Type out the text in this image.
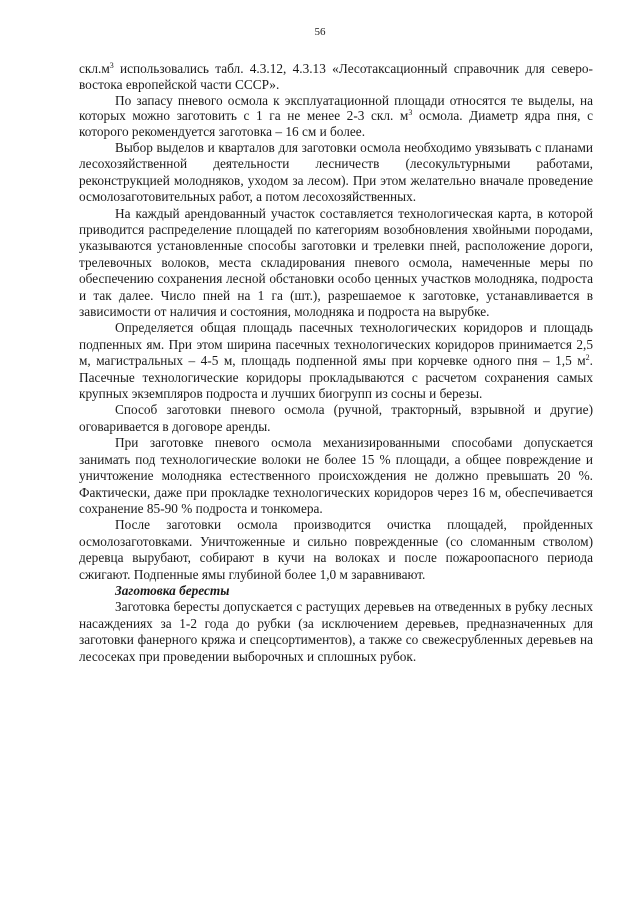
56

$скл.м^3$ использовались табл. 4.3.12, 4.3.13 «Лесотаксационный справочник для северо-востока европейской части СССР».

По запасу пневого осмола к эксплуатационной площади относятся те выделы, на которых можно заготовить с 1 га не менее 2-3 скл. $м^3$ осмола. Диаметр ядра пня, с которого рекомендуется заготовка – 16 см и более.

Выбор выделов и кварталов для заготовки осмола необходимо увязывать с планами лесохозяйственной деятельности лесничеств (лесокультурными работами, реконструкцией молодняков, уходом за лесом). При этом желательно вначале проведение осмолозаготовительных работ, а потом лесохозяйственных.

На каждый арендованный участок составляется технологическая карта, в которой приводится распределение площадей по категориям возобновления хвойными породами, указываются установленные способы заготовки и трелевки пней, расположение дороги, трелевочных волоков, места складирования пневого осмола, намеченные меры по обеспечению сохранения лесной обстановки особо ценных участков молодняка, подроста и так далее. Число пней на 1 га (шт.), разрешаемое к заготовке, устанавливается в зависимости от наличия и состояния, молодняка и подроста на вырубке.

Определяется общая площадь пасечных технологических коридоров и площадь подпенных ям. При этом ширина пасечных технологических коридоров принимается 2,5 м, магистральных – 4-5 м, площадь подпенной ямы при корчевке одного пня – 1,5 $м^2$. Пасечные технологические коридоры прокладываются с расчетом сохранения самых крупных экземпляров подроста и лучших биогрупп из сосны и березы.

Способ заготовки пневого осмола (ручной, тракторный, взрывной и другие) оговаривается в договоре аренды.

При заготовке пневого осмола механизированными способами допускается занимать под технологические волоки не более 15 % площади, а общее повреждение и уничтожение молодняка естественного происхождения не должно превышать 20 %. Фактически, даже при прокладке технологических коридоров через 16 м, обеспечивается сохранение 85-90 % подроста и тонкомера.

После заготовки осмола производится очистка площадей, пройденных осмолозаготовками. Уничтоженные и сильно поврежденные (со сломанным стволом) деревца вырубают, собирают в кучи на волоках и после пожароопасного периода сжигают. Подпенные ямы глубиной более 1,0 м заравнивают.

Заготовка бересты

Заготовка бересты допускается с растущих деревьев на отведенных в рубку лесных насаждениях за 1-2 года до рубки (за исключением деревьев, предназначенных для заготовки фанерного кряжа и спецсортиментов), а также со свежесрубленных деревьев на лесосеках при проведении выборочных и сплошных рубок.
